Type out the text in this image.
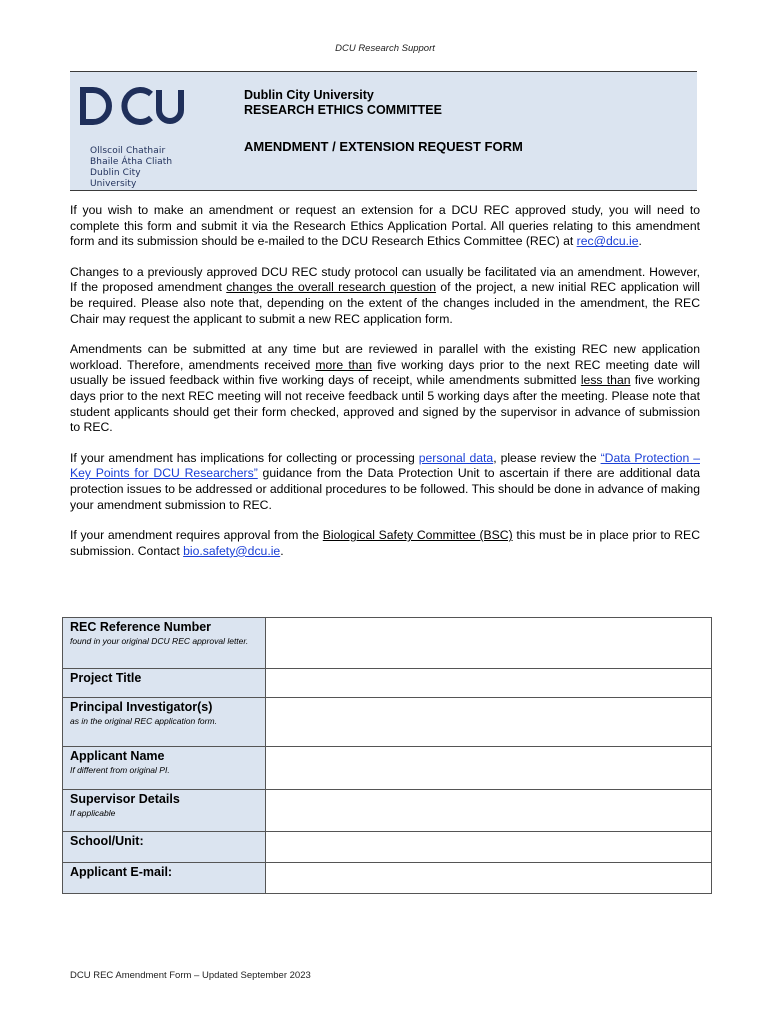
DCU Research Support
Ollscoil Chathair
Bhaile Átha Cliath
Dublin City University
Dublin City University
RESEARCH ETHICS COMMITTEE
AMENDMENT / EXTENSION REQUEST FORM

If you wish to make an amendment or request an extension for a DCU REC approved study, you will need to complete this form and submit it via the Research Ethics Application Portal. All queries relating to this amendment form and its submission should be e-mailed to the DCU Research Ethics Committee (REC) at rec@dcu.ie.

Changes to a previously approved DCU REC study protocol can usually be facilitated via an amendment. However, If the proposed amendment changes the overall research question of the project, a new initial REC application will be required. Please also note that, depending on the extent of the changes included in the amendment, the REC Chair may request the applicant to submit a new REC application form.

Amendments can be submitted at any time but are reviewed in parallel with the existing REC new application workload. Therefore, amendments received more than five working days prior to the next REC meeting date will usually be issued feedback within five working days of receipt, while amendments submitted less than five working days prior to the next REC meeting will not receive feedback until 5 working days after the meeting. Please note that student applicants should get their form checked, approved and signed by the supervisor in advance of submission to REC.

If your amendment has implications for collecting or processing personal data, please review the “Data Protection – Key Points for DCU Researchers” guidance from the Data Protection Unit to ascertain if there are additional data protection issues to be addressed or additional procedures to be followed. This should be done in advance of making your amendment submission to REC.

If your amendment requires approval from the Biological Safety Committee (BSC) this must be in place prior to REC submission. Contact bio.safety@dcu.ie.

REC Reference Number
found in your original DCU REC approval letter.	

Project Title	

Principal Investigator(s)
as in the original REC application form.	

Applicant Name
If different from original PI.	

Supervisor Details
If applicable	

School/Unit:	

Applicant E-mail:	

DCU REC Amendment Form – Updated September 2023
